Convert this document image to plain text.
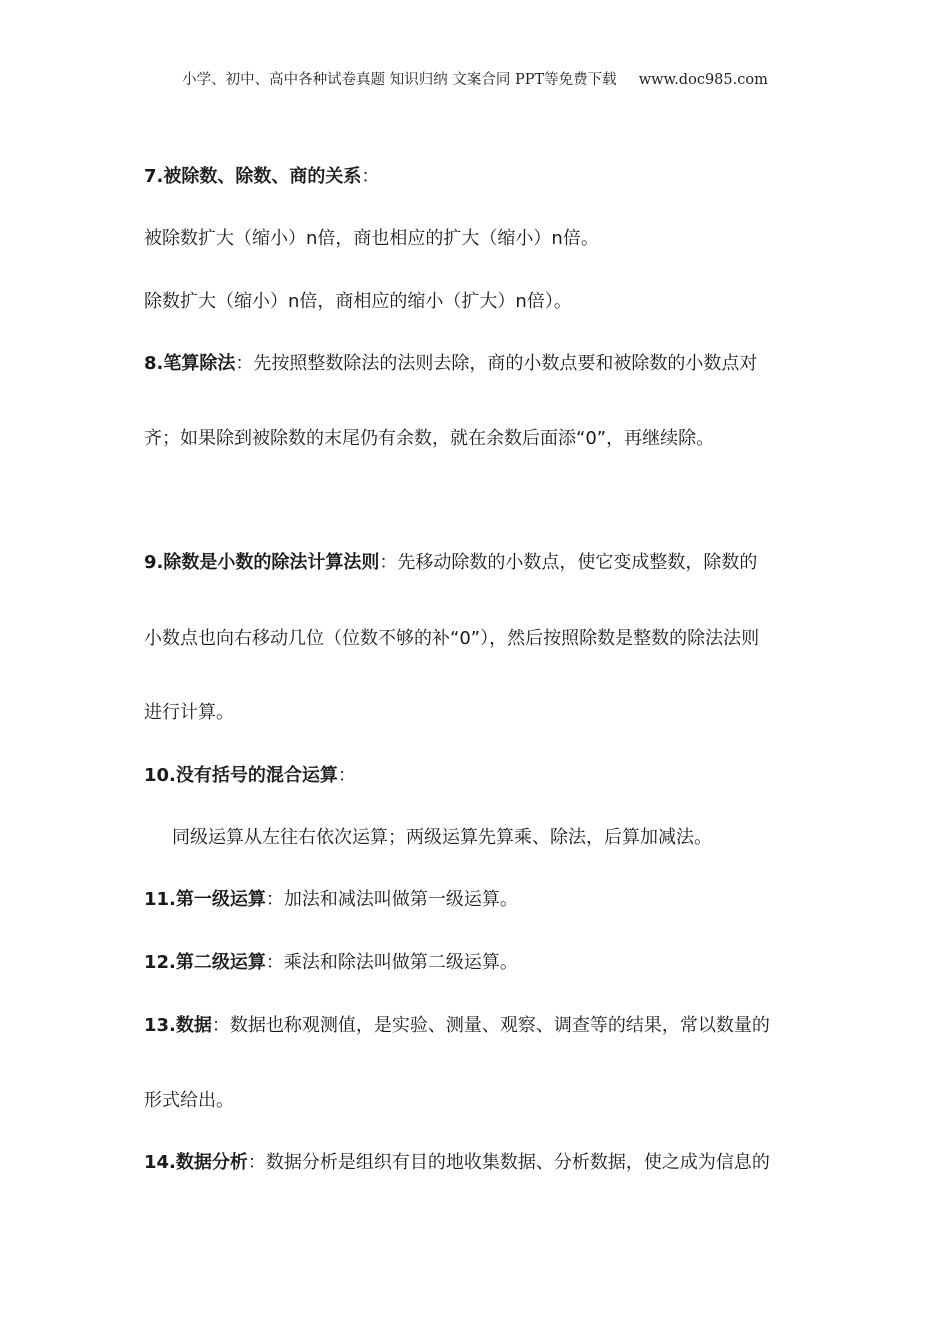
小学、初中、高中各种试卷真题 知识归纳 文案合同 PPT等免费下载 www.doc985.com
7.被除数、除数、商的关系：
被除数扩大（缩小）n倍，商也相应的扩大（缩小）n倍。
除数扩大（缩小）n倍，商相应的缩小（扩大）n倍）。
8.笔算除法：先按照整数除法的法则去除，商的小数点要和被除数的小数点对
齐；如果除到被除数的末尾仍有余数，就在余数后面添“0”，再继续除。
9.除数是小数的除法计算法则：先移动除数的小数点，使它变成整数，除数的
小数点也向右移动几位（位数不够的补“0”），然后按照除数是整数的除法法则
进行计算。
10.没有括号的混合运算：
同级运算从左往右依次运算；两级运算先算乘、除法，后算加减法。
11.第一级运算：加法和减法叫做第一级运算。
12.第二级运算：乘法和除法叫做第二级运算。
13.数据：数据也称观测值，是实验、测量、观察、调查等的结果，常以数量的
形式给出。
14.数据分析：数据分析是组织有目的地收集数据、分析数据，使之成为信息的
